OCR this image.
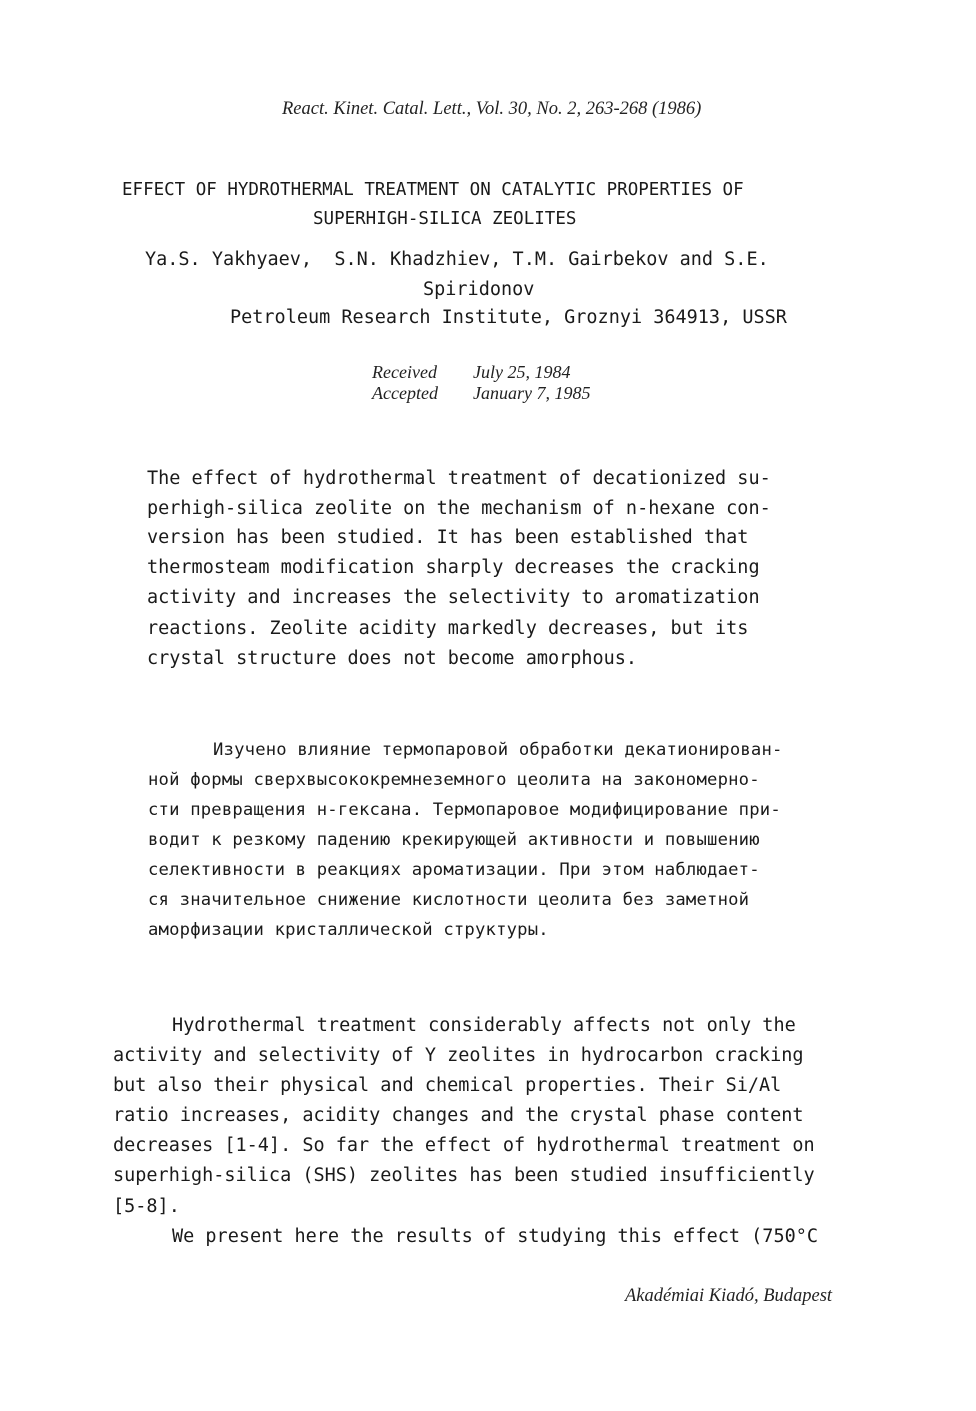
React. Kinet. Catal. Lett., Vol. 30, No. 2, 263-268 (1986)
EFFECT OF HYDROTHERMAL TREATMENT ON CATALYTIC PROPERTIES OF
SUPERHIGH-SILICA ZEOLITES
Ya.S. Yakhyaev,  S.N. Khadzhiev, T.M. Gairbekov and S.E.
Spiridonov
Petroleum Research Institute, Groznyi 364913, USSR
Received July 25, 1984
Accepted January 7, 1985
The effect of hydrothermal treatment of decationized su-
perhigh-silica zeolite on the mechanism of n-hexane con-
version has been studied. It has been established that
thermosteam modification sharply decreases the cracking
activity and increases the selectivity to aromatization
reactions. Zeolite acidity markedly decreases, but its
crystal structure does not become amorphous.
Изучено влияние термопаровой обработки декатионирован-
ной формы сверхвысококремнеземного цеолита на закономерно-
сти превращения н-гексана. Термопаровое модифицирование при-
водит к резкому падению крекирующей активности и повышению
селективности в реакциях ароматизации. При этом наблюдает-
ся значительное снижение кислотности цеолита без заметной
аморфизации кристаллической структуры.
Hydrothermal treatment considerably affects not only the
activity and selectivity of Y zeolites in hydrocarbon cracking
but also their physical and chemical properties. Their Si/Al
ratio increases, acidity changes and the crystal phase content
decreases [1-4]. So far the effect of hydrothermal treatment on
superhigh-silica (SHS) zeolites has been studied insufficiently
[5-8].
We present here the results of studying this effect (750°C
Akadémiai Kiadó, Budapest
